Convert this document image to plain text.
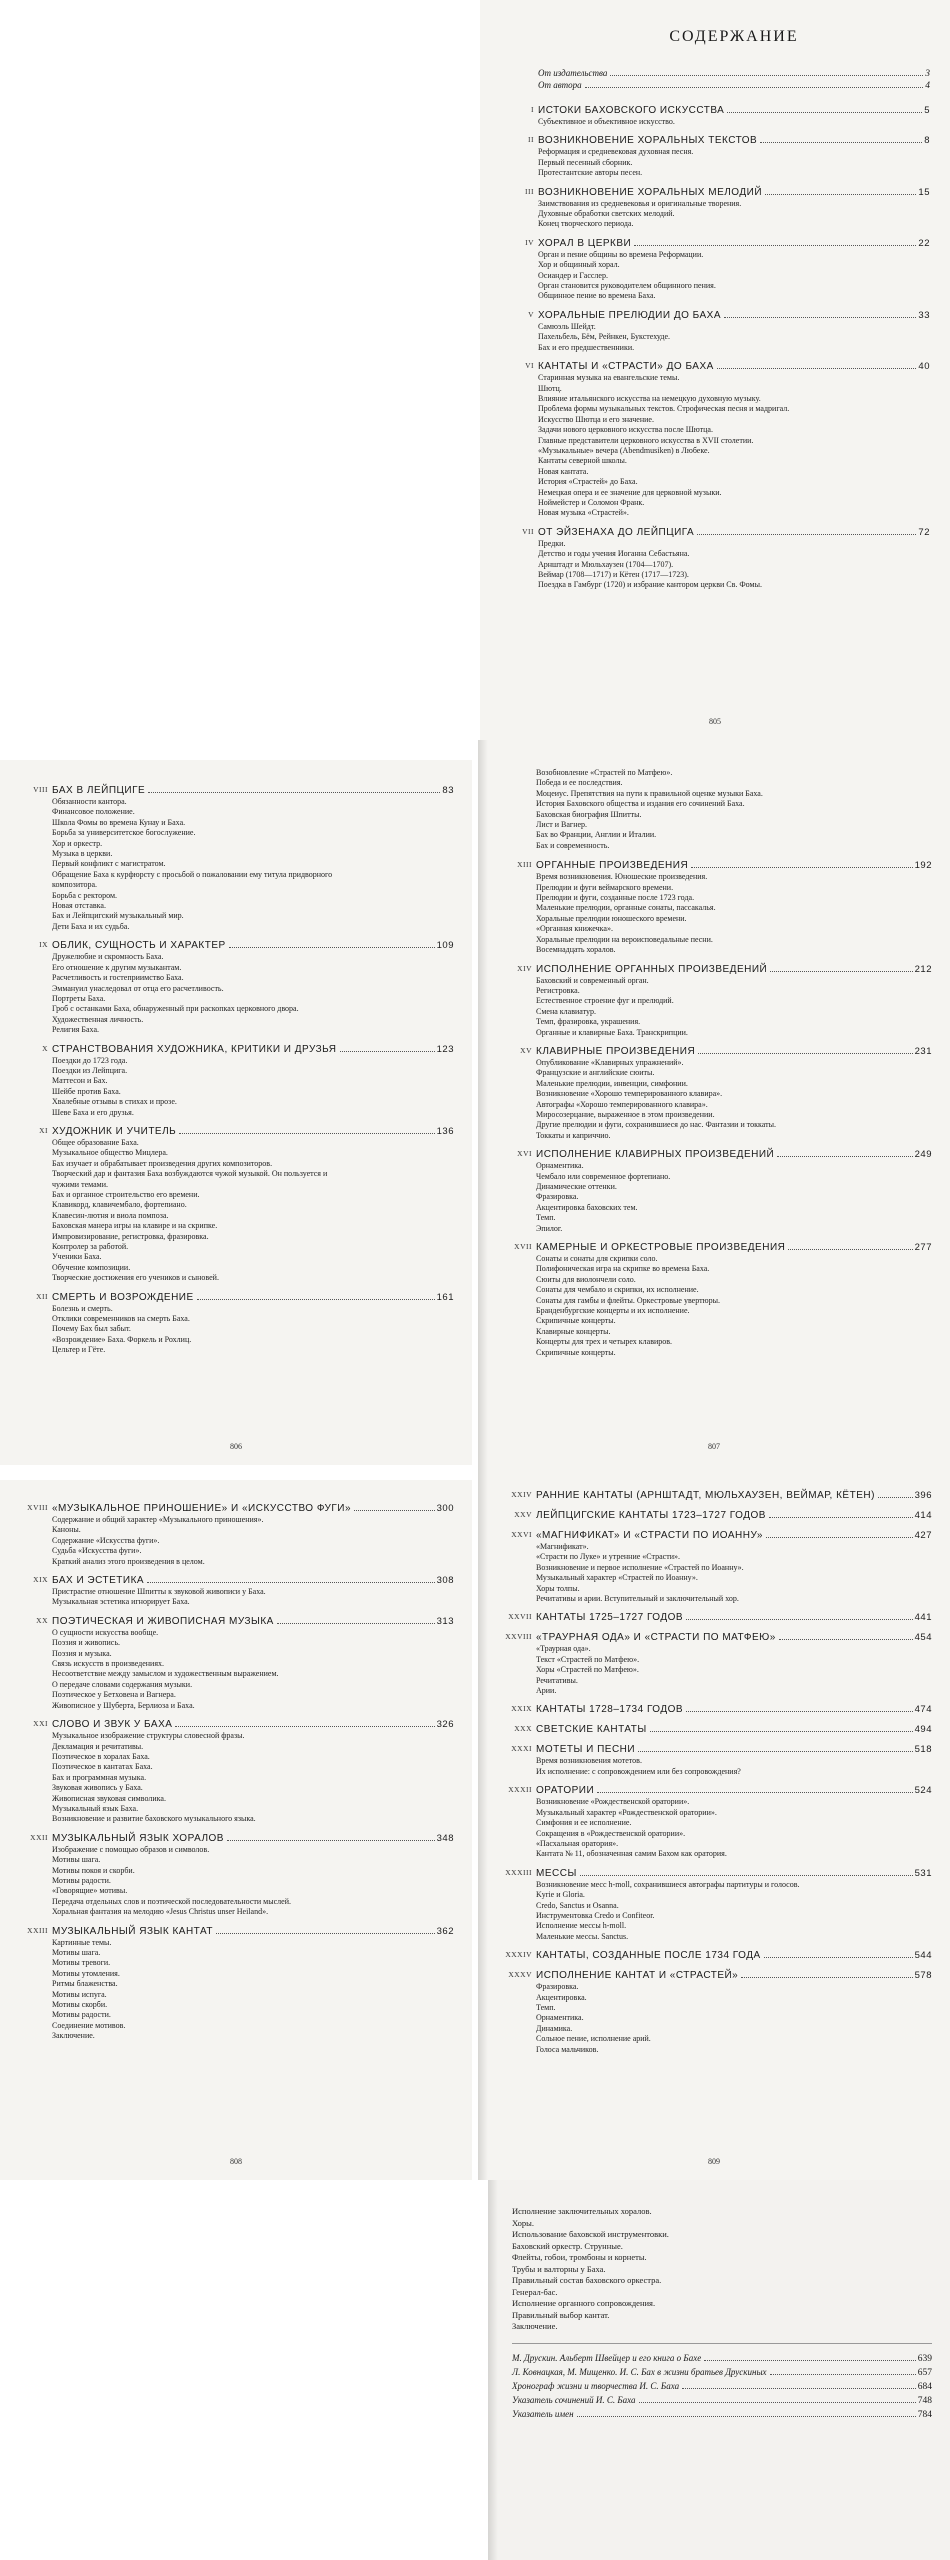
СОДЕРЖАНИЕ
От издательства	3
От автора	4
I ИСТОКИ БАХОВСКОГО ИСКУССТВА	5
Субъективное и объективное искусство.
II ВОЗНИКНОВЕНИЕ ХОРАЛЬНЫХ ТЕКСТОВ	8
Реформация и средневековая духовная песня.
Первый песенный сборник.
Протестантские авторы песен.
III ВОЗНИКНОВЕНИЕ ХОРАЛЬНЫХ МЕЛОДИЙ	15
Заимствования из средневековья и оригинальные творения.
Духовные обработки светских мелодий.
Конец творческого периода.
IV ХОРАЛ В ЦЕРКВИ	22
Орган и пение общины во времена Реформации.
Хор и общинный хорал.
Осиандер и Гасслер.
Орган становится руководителем общинного пения.
Общинное пение во времена Баха.
V ХОРАЛЬНЫЕ ПРЕЛЮДИИ ДО БАХА	33
Самюэль Шейдт.
Пахельбель, Бём, Рейнкен, Букстехуде.
Бах и его предшественники.
VI КАНТАТЫ И «СТРАСТИ» ДО БАХА	40
Старинная музыка на евангельские темы.
Шютц.
Влияние итальянского искусства на немецкую духовную музыку.
Проблема формы музыкальных текстов. Строфическая песня и мадригал.
Искусство Шютца и его значение.
Задачи нового церковного искусства после Шютца.
Главные представители церковного искусства в XVII столетии.
«Музыкальные» вечера (Abendmusiken) в Любеке.
Кантаты северной школы.
Новая кантата.
История «Страстей» до Баха.
Немецкая опера и ее значение для церковной музыки.
Ноймейстер и Соломон Франк.
Новая музыка «Страстей».
VII ОТ ЭЙЗЕНАХА ДО ЛЕЙПЦИГА	72
Предки.
Детство и годы учения Иоганна Себастьяна.
Арнштадт и Мюльхаузен (1704—1707).
Веймар (1708—1717) и Кётен (1717—1723).
Поездка в Гамбург (1720) и избрание кантором церкви Св. Фомы.
805
VIII БАХ В ЛЕЙПЦИГЕ	83
Обязанности кантора.
Финансовое положение.
Школа Фомы во времена Кунау и Баха.
Борьба за университетское богослужение.
Хор и оркестр.
Музыка в церкви.
Первый конфликт с магистратом.
Обращение Баха к курфюрсту с просьбой о пожаловании ему титула придворного
композитора.
Борьба с ректором.
Новая отставка.
Бах и Лейпцигский музыкальный мир.
Дети Баха и их судьба.
IX ОБЛИК, СУЩНОСТЬ И ХАРАКТЕР	109
Дружелюбие и скромность Баха.
Его отношение к другим музыкантам.
Расчетливость и гостеприимство Баха.
Эммануил унаследовал от отца его расчетливость.
Портреты Баха.
Гроб с останками Баха, обнаруженный при раскопках церковного двора.
Художественная личность.
Религия Баха.
X СТРАНСТВОВАНИЯ ХУДОЖНИКА, КРИТИКИ И ДРУЗЬЯ	123
Поездки до 1723 года.
Поездки из Лейпцига.
Маттесон и Бах.
Шейбе против Баха.
Хвалебные отзывы в стихах и прозе.
Шеве Баха и его друзья.
XI ХУДОЖНИК И УЧИТЕЛЬ	136
Общее образование Баха.
Музыкальное общество Мицлера.
Бах изучает и обрабатывает произведения других композиторов.
Творческий дар и фантазия Баха возбуждаются чужой музыкой. Он пользуется и
чужими темами.
Бах и органное строительство его времени.
Клавикорд, клавичембало, фортепиано.
Клавесин-лютня и виола помпоза.
Баховская манера игры на клавире и на скрипке.
Импровизирование, регистровка, фразировка.
Контролер за работой.
Ученики Баха.
Обучение композиции.
Творческие достижения его учеников и сыновей.
XII СМЕРТЬ И ВОЗРОЖДЕНИЕ	161
Болезнь и смерть.
Отклики современников на смерть Баха.
Почему Бах был забыт.
«Возрождение» Баха. Форкель и Рохлиц.
Цельтер и Гёте.
806
Возобновление «Страстей по Матфею».
Победа и ее последствия.
Моцеиус. Препятствия на пути к правильной оценке музыки Баха.
История Баховского общества и издания его сочинений Баха.
Баховская биография Шпитты.
Лист и Вагнер.
Бах во Франции, Англии и Италии.
Бах и современность.
XIII ОРГАННЫЕ ПРОИЗВЕДЕНИЯ	192
Время возникновения. Юношеские произведения.
Прелюдии и фуги веймарского времени.
Прелюдии и фуги, созданные после 1723 года.
Маленькие прелюдии, органные сонаты, пассакалья.
Хоральные прелюдии юношеского времени.
«Органная книжечка».
Хоральные прелюдии на вероисповедальные песни.
Восемнадцать хоралов.
XIV ИСПОЛНЕНИЕ ОРГАННЫХ ПРОИЗВЕДЕНИЙ	212
Баховский и современный орган.
Регистровка.
Естественное строение фуг и прелюдий.
Смена клавиатур.
Темп, фразировка, украшения.
Органные и клавирные Баха. Транскрипции.
XV КЛАВИРНЫЕ ПРОИЗВЕДЕНИЯ	231
Опубликование «Клавирных упражнений».
Французские и английские сюиты.
Маленькие прелюдии, инвенции, симфонии.
Возникновение «Хорошо темперированного клавира».
Автографы «Хорошо темперированного клавира».
Миросозерцание, выраженное в этом произведении.
Другие прелюдии и фуги, сохранившиеся до нас. Фантазии и токкаты.
Токкаты и каприччио.
XVI ИСПОЛНЕНИЕ КЛАВИРНЫХ ПРОИЗВЕДЕНИЙ	249
Орнаментика.
Чембало или современное фортепиано.
Динамические оттенки.
Фразировка.
Акцентировка баховских тем.
Темп.
Эпилог.
XVII КАМЕРНЫЕ И ОРКЕСТРОВЫЕ ПРОИЗВЕДЕНИЯ	277
Сонаты и сонаты для скрипки соло.
Полифоническая игра на скрипке во времена Баха.
Сюиты для виолончели соло.
Сонаты для чембало и скрипки, их исполнение.
Сонаты для гамбы и флейты. Оркестровые увертюры.
Бранденбургские концерты и их исполнение.
Скрипичные концерты.
Клавирные концерты.
Концерты для трех и четырех клавиров.
Скрипичные концерты.
807
XVIII «МУЗЫКАЛЬНОЕ ПРИНОШЕНИЕ» И «ИСКУССТВО ФУГИ»	300
Содержание и общий характер «Музыкального приношения».
Каноны.
Содержание «Искусства фуги».
Судьба «Искусства фуги».
Краткий анализ этого произведения в целом.
XIX БАХ И ЭСТЕТИКА	308
Пристрастие отношение Шпитты к звуковой живописи у Баха.
Музыкальная эстетика игнорирует Баха.
XX ПОЭТИЧЕСКАЯ И ЖИВОПИСНАЯ МУЗЫКА	313
О сущности искусства вообще.
Поэзия и живопись.
Поэзия и музыка.
Связь искусств в произведениях.
Несоответствие между замыслом и художественным выражением.
О передаче словами содержания музыки.
Поэтическое у Бетховена и Вагнера.
Живописное у Шуберта, Берлиоза и Баха.
XXI СЛОВО И ЗВУК У БАХА	326
Музыкальное изображение структуры словесной фразы.
Декламация и речитативы.
Поэтическое в хоралах Баха.
Поэтическое в кантатах Баха.
Бах и программная музыка.
Звуковая живопись у Баха.
Живописная звуковая символика.
Музыкальный язык Баха.
Возникновение и развитие баховского музыкального языка.
XXII МУЗЫКАЛЬНЫЙ ЯЗЫК ХОРАЛОВ	348
Изображение с помощью образов и символов.
Мотивы шага.
Мотивы покоя и скорби.
Мотивы радости.
«Говорящие» мотивы.
Передача отдельных слов и поэтической последовательности мыслей.
Хоральная фантазия на мелодию «Jesus Christus unser Heiland».
XXIII МУЗЫКАЛЬНЫЙ ЯЗЫК КАНТАТ	362
Картинные темы.
Мотивы шага.
Мотивы тревоги.
Мотивы утомления.
Ритмы блаженства.
Мотивы испуга.
Мотивы скорби.
Мотивы радости.
Соединение мотивов.
Заключение.
808
XXIV РАННИЕ КАНТАТЫ (АРНШТАДТ, МЮЛЬХАУЗЕН, ВЕЙМАР, КЁТЕН)	396
XXV ЛЕЙПЦИГСКИЕ КАНТАТЫ 1723–1727 ГОДОВ	414
XXVI «МАГНИФИКАТ» И «СТРАСТИ ПО ИОАННУ»	427
«Магнификат».
«Страсти по Луке» и утренние «Страсти».
Возникновение и первое исполнение «Страстей по Иоанну».
Музыкальный характер «Страстей по Иоанну».
Хоры толпы.
Речитативы и арии. Вступительный и заключительный хор.
XXVII КАНТАТЫ 1725–1727 ГОДОВ	441
XXVIII «ТРАУРНАЯ ОДА» И «СТРАСТИ ПО МАТФЕЮ»	454
«Траурная ода».
Текст «Страстей по Матфею».
Хоры «Страстей по Матфею».
Речитативы.
Арии.
XXIX КАНТАТЫ 1728–1734 ГОДОВ	474
XXX СВЕТСКИЕ КАНТАТЫ	494
XXXI МОТЕТЫ И ПЕСНИ	518
Время возникновения мотетов.
Их исполнение: с сопровождением или без сопровождения?
XXXII ОРАТОРИИ	524
Возникновение «Рождественской оратории».
Музыкальный характер «Рождественской оратории».
Симфония и ее исполнение.
Сокращения в «Рождественской оратории».
«Пасхальная оратория».
Кантата № 11, обозначенная самим Бахом как оратория.
XXXIII МЕССЫ	531
Возникновение месс h-moll, сохранившиеся автографы партитуры и голосов.
Kyrie и Gloria.
Credo, Sanctus и Osanna.
Инструментовка Credo и Confiteor.
Исполнение мессы h-moll.
Маленькие мессы. Sanctus.
XXXIV КАНТАТЫ, СОЗДАННЫЕ ПОСЛЕ 1734 ГОДА	544
XXXV ИСПОЛНЕНИЕ КАНТАТ И «СТРАСТЕЙ»	578
Фразировка.
Акцентировка.
Темп.
Орнаментика.
Динамика.
Сольное пение, исполнение арий.
Голоса мальчиков.
809
Исполнение заключительных хоралов.
Хоры.
Использование баховской инструментовки.
Баховский оркестр. Струнные.
Флейты, гобои, тромбоны и корнеты.
Трубы и валторны у Баха.
Правильный состав баховского оркестра.
Генерал-бас.
Исполнение органного сопровождения.
Правильный выбор кантат.
Заключение.
М. Друскин. Альберт Швейцер и его книга о Бахе	639
Л. Ковнацкая, М. Мищенко. И. С. Бах в жизни братьев Друскиных	657
Хронограф жизни и творчества И. С. Баха	684
Указатель сочинений И. С. Баха	748
Указатель имен	784
